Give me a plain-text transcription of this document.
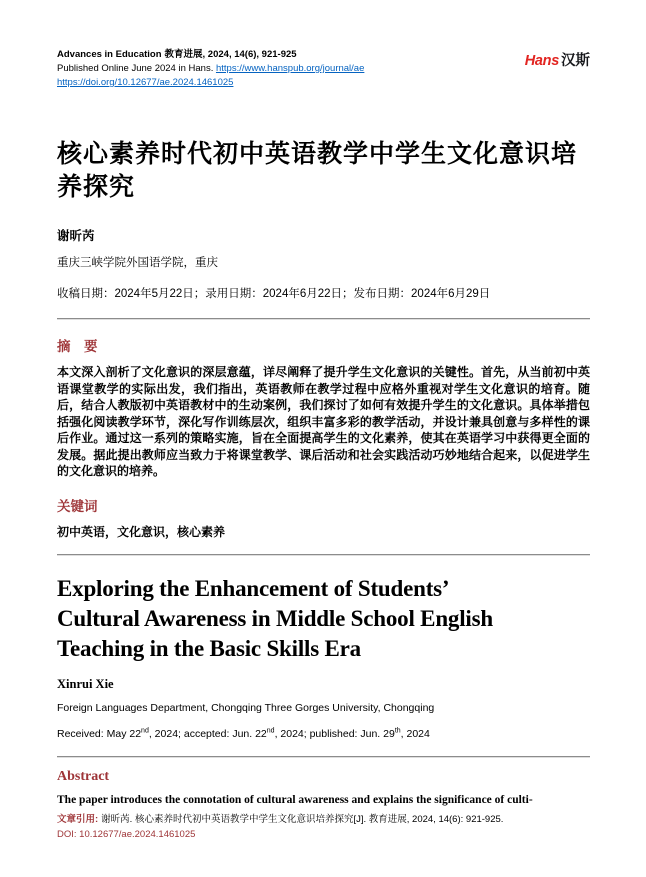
Advances in Education 教育进展, 2024, 14(6), 921-925
Published Online June 2024 in Hans. https://www.hanspub.org/journal/ae
https://doi.org/10.12677/ae.2024.1461025
Hans 汉斯
核心素养时代初中英语教学中学生文化意识培
养探究
谢昕芮
重庆三峡学院外国语学院，重庆
收稿日期：2024年5月22日；录用日期：2024年6月22日；发布日期：2024年6月29日
摘　要
本文深入剖析了文化意识的深层意蕴，详尽阐释了提升学生文化意识的关键性。首先，从当前初中英语课堂教学的实际出发，我们指出，英语教师在教学过程中应格外重视对学生文化意识的培育。随后，结合人教版初中英语教材中的生动案例，我们探讨了如何有效提升学生的文化意识。具体举措包括强化阅读教学环节，深化写作训练层次，组织丰富多彩的教学活动，并设计兼具创意与多样性的课后作业。通过这一系列的策略实施，旨在全面提高学生的文化素养，使其在英语学习中获得更全面的发展。据此提出教师应当致力于将课堂教学、课后活动和社会实践活动巧妙地结合起来，以促进学生的文化意识的培养。
关键词
初中英语，文化意识，核心素养
Exploring the Enhancement of Students’
Cultural Awareness in Middle School English
Teaching in the Basic Skills Era
Xinrui Xie
Foreign Languages Department, Chongqing Three Gorges University, Chongqing
Received: May 22nd, 2024; accepted: Jun. 22nd, 2024; published: Jun. 29th, 2024
Abstract
The paper introduces the connotation of cultural awareness and explains the significance of culti-
文章引用: 谢昕芮. 核心素养时代初中英语教学中学生文化意识培养探究[J]. 教育进展, 2024, 14(6): 921-925.
DOI: 10.12677/ae.2024.1461025
